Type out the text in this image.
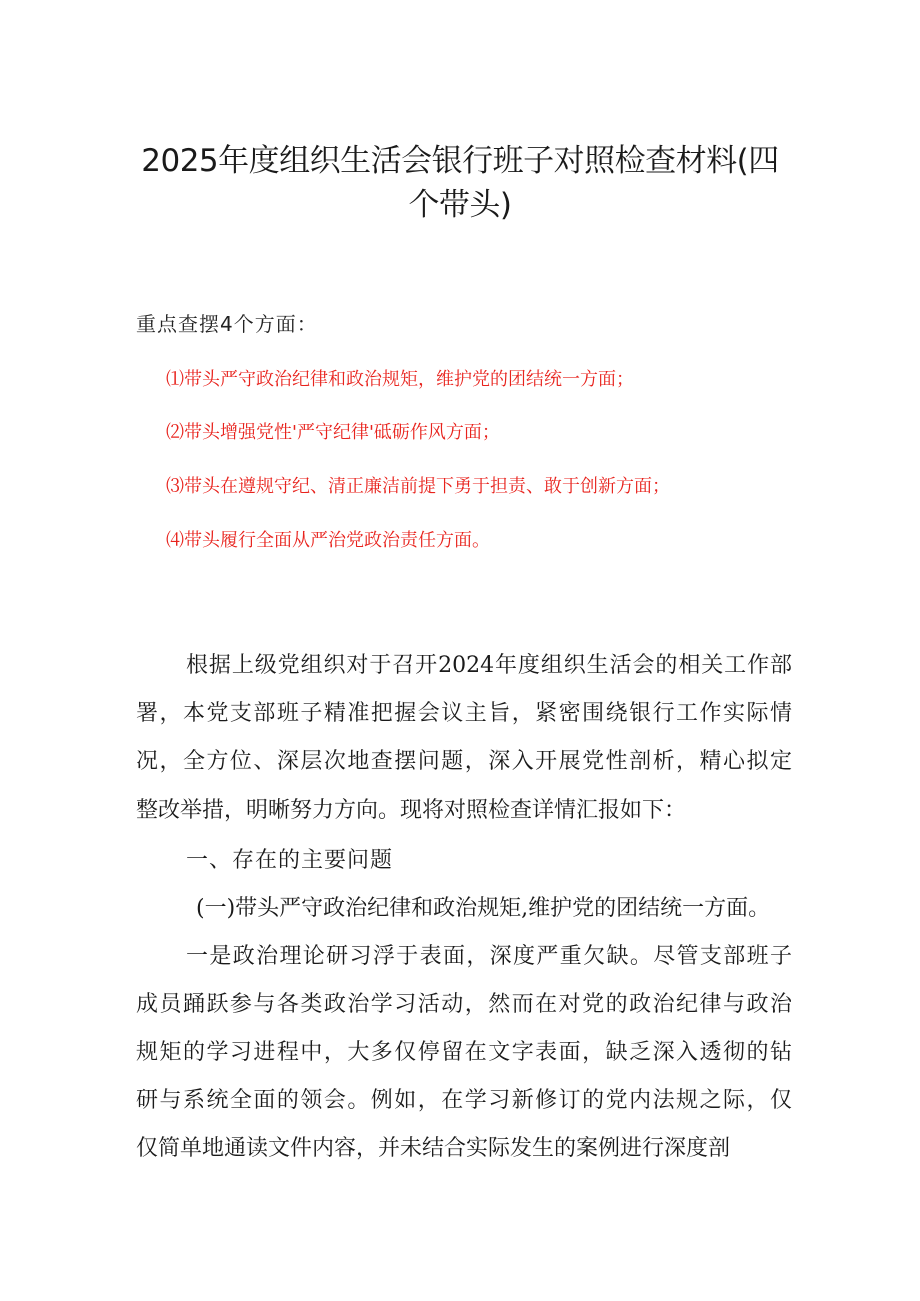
2025年度组织生活会银行班子对照检查材料(四
个带头)
重点查摆4个方面：
⑴带头严守政治纪律和政治规矩，维护党的团结统一方面；
⑵带头增强党性'严守纪律'砥砺作风方面；
⑶带头在遵规守纪、清正廉洁前提下勇于担责、敢于创新方面；
⑷带头履行全面从严治党政治责任方面。
根据上级党组织对于召开2024年度组织生活会的相关工作部
署，本党支部班子精准把握会议主旨，紧密围绕银行工作实际情
况，全方位、深层次地查摆问题，深入开展党性剖析，精心拟定
整改举措，明晰努力方向。现将对照检查详情汇报如下：
一、存在的主要问题
(一)带头严守政治纪律和政治规矩,维护党的团结统一方面。
一是政治理论研习浮于表面，深度严重欠缺。尽管支部班子
成员踊跃参与各类政治学习活动，然而在对党的政治纪律与政治
规矩的学习进程中，大多仅停留在文字表面，缺乏深入透彻的钻
研与系统全面的领会。例如，在学习新修订的党内法规之际，仅
仅简单地通读文件内容，并未结合实际发生的案例进行深度剖
